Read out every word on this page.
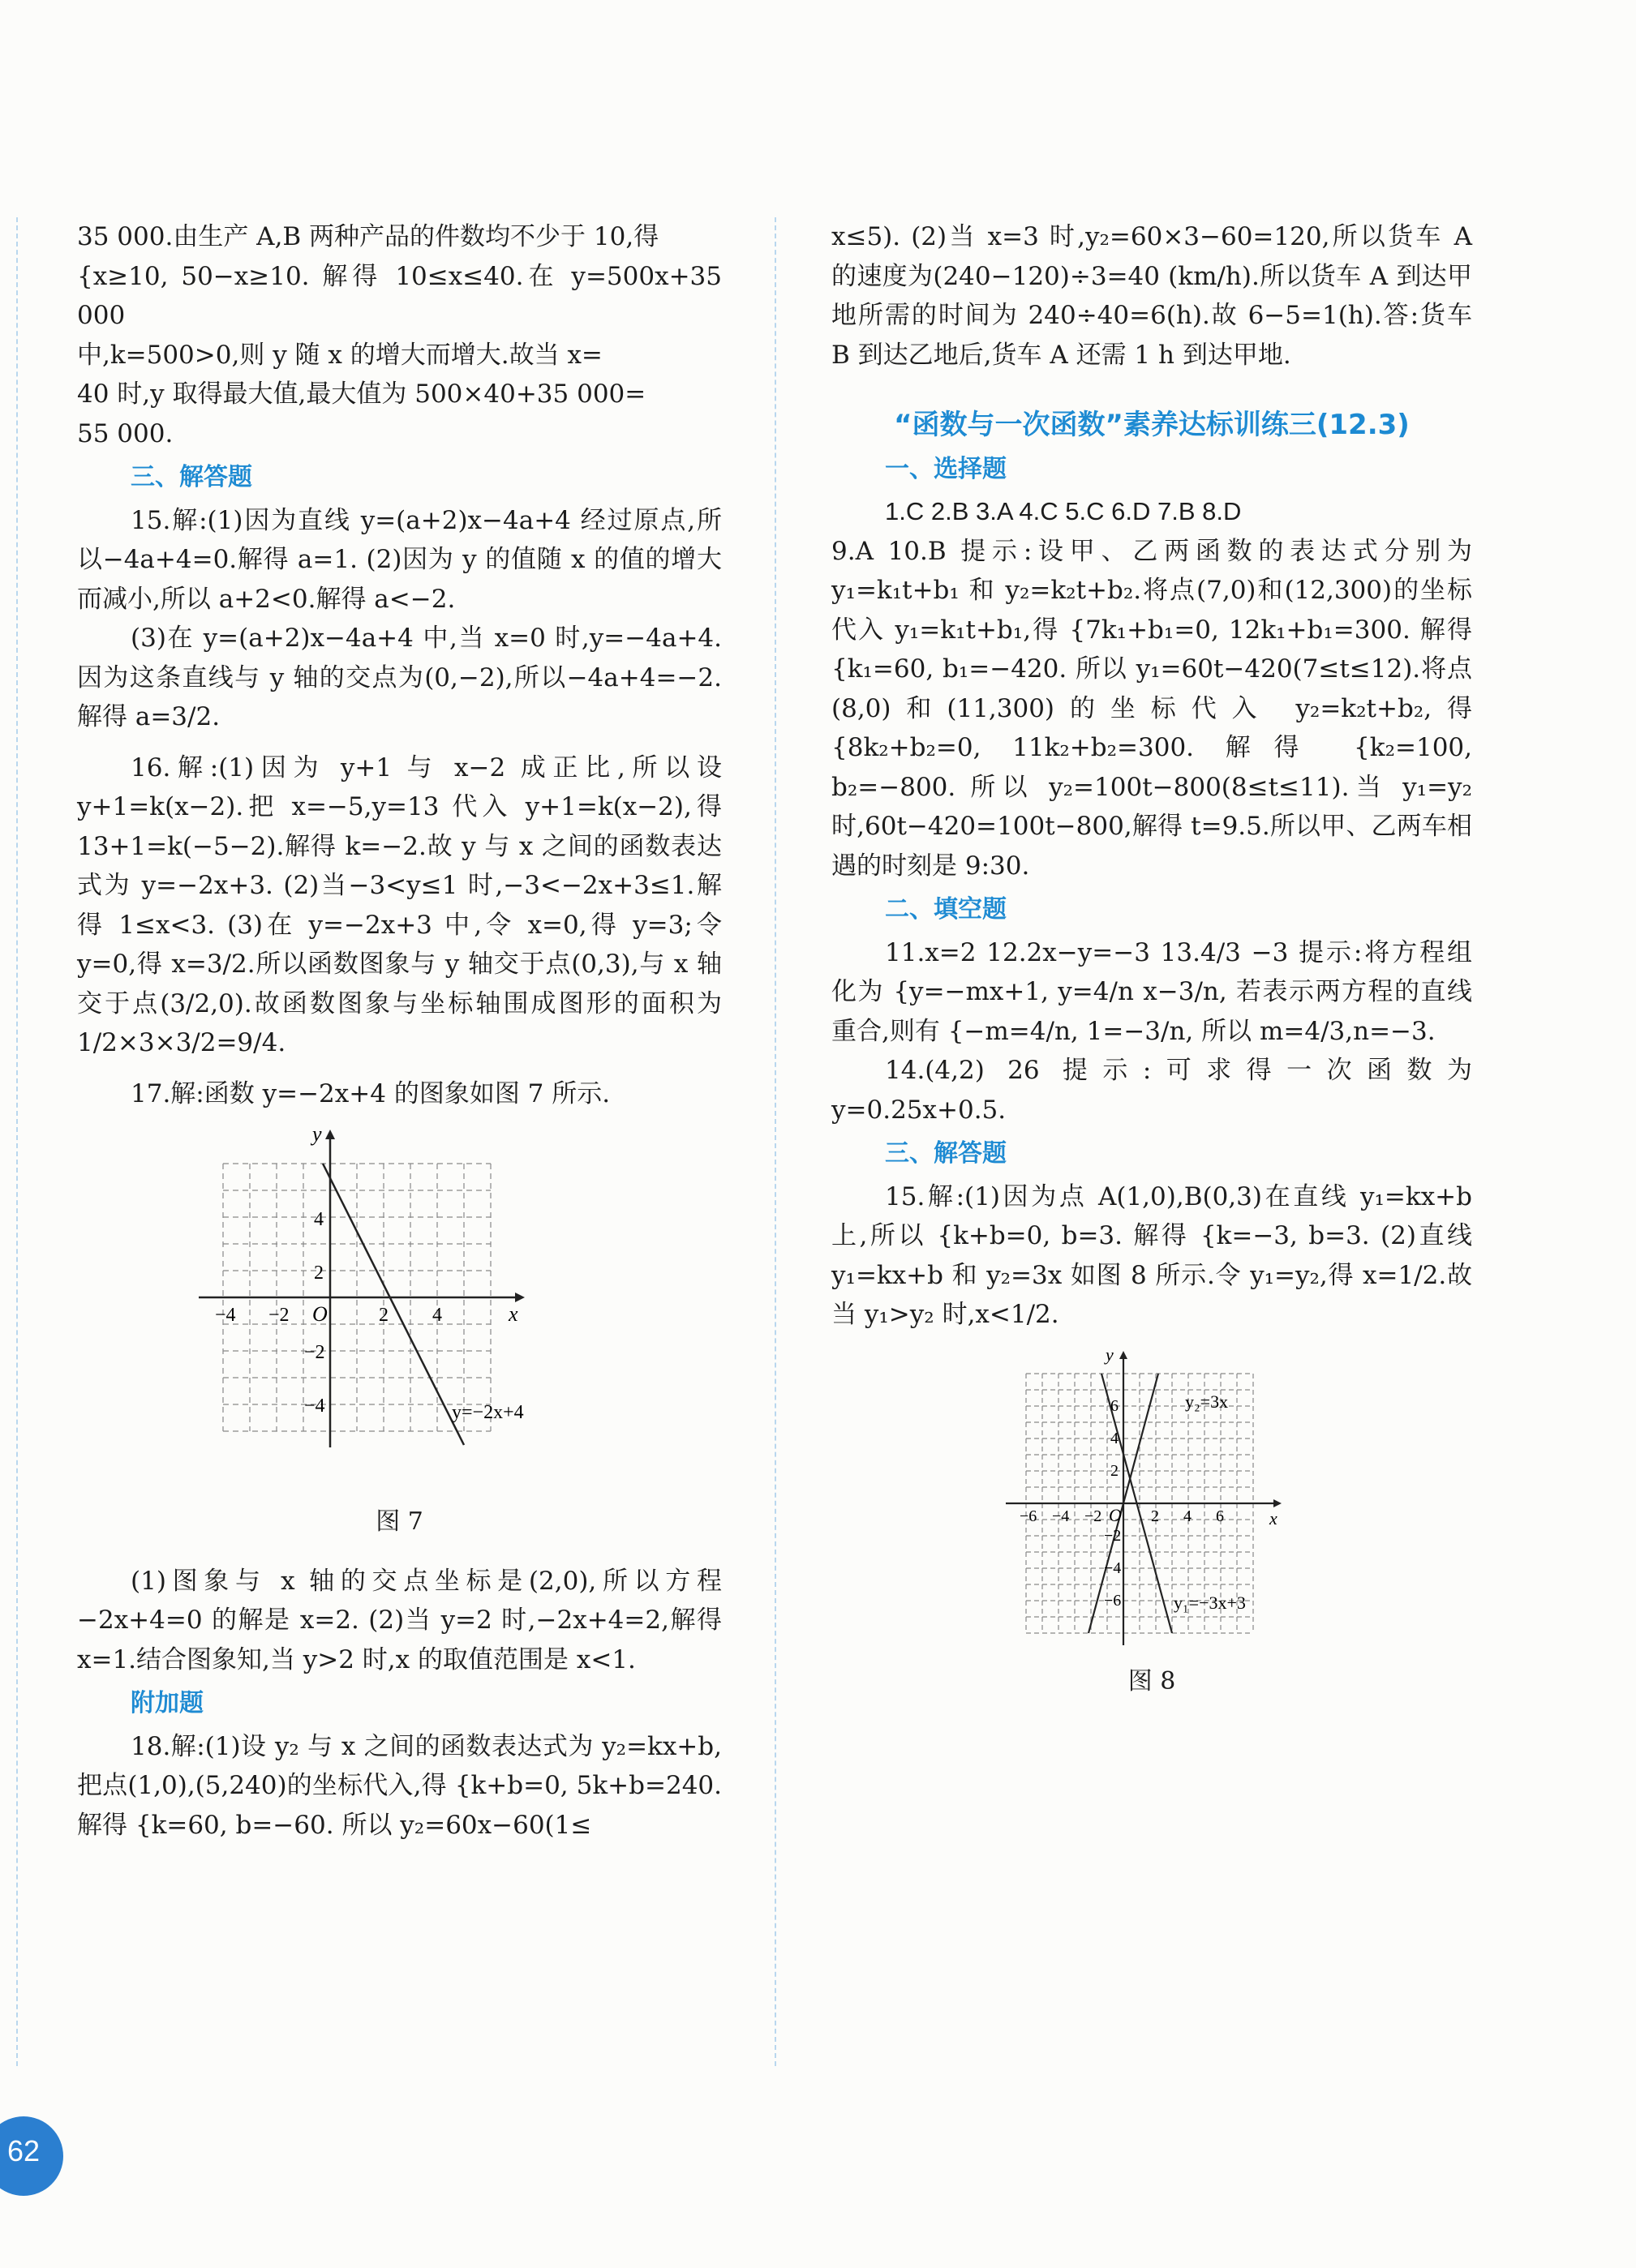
35 000.由生产 A,B 两种产品的件数均不少于 10,得

{x≥10, 50−x≥10. 解得 10≤x≤40.在 y=500x+35 000

中,k=500>0,则 y 随 x 的增大而增大.故当 x=

40 时,y 取得最大值,最大值为 500×40+35 000=

55 000.

三、解答题

15.解:(1)因为直线 y=(a+2)x−4a+4 经过原点,所以−4a+4=0.解得 a=1. (2)因为 y 的值随 x 的值的增大而减小,所以 a+2<0.解得 a<−2.

(3)在 y=(a+2)x−4a+4 中,当 x=0 时,y=−4a+4.因为这条直线与 y 轴的交点为(0,−2),所以−4a+4=−2.解得 a=3/2.

16.解:(1)因为 y+1 与 x−2 成正比,所以设 y+1=k(x−2).把 x=−5,y=13 代入 y+1=k(x−2),得 13+1=k(−5−2).解得 k=−2.故 y 与 x 之间的函数表达式为 y=−2x+3. (2)当−3<y≤1 时,−3<−2x+3≤1.解得 1≤x<3. (3)在 y=−2x+3 中,令 x=0,得 y=3;令 y=0,得 x=3/2.所以函数图象与 y 轴交于点(0,3),与 x 轴交于点(3/2,0).故函数图象与坐标轴围成图形的面积为 1/2×3×3/2=9/4.

17.解:函数 y=−2x+4 的图象如图 7 所示.

x
y
O
−4 −2	2 4
4
2
−2
−4	y=−2x+4
图 7

(1)图象与 x 轴的交点坐标是(2,0),所以方程−2x+4=0 的解是 x=2. (2)当 y=2 时,−2x+4=2,解得 x=1.结合图象知,当 y>2 时,x 的取值范围是 x<1.

附加题

18.解:(1)设 y₂ 与 x 之间的函数表达式为 y₂=kx+b,把点(1,0),(5,240)的坐标代入,得 {k+b=0, 5k+b=240. 解得 {k=60, b=−60. 所以 y₂=60x−60(1≤

x≤5). (2)当 x=3 时,y₂=60×3−60=120,所以货车 A 的速度为(240−120)÷3=40 (km/h).所以货车 A 到达甲地所需的时间为 240÷40=6(h).故 6−5=1(h).答:货车 B 到达乙地后,货车 A 还需 1 h 到达甲地.

“函数与一次函数”素养达标训练三(12.3)
一、选择题

1.C 2.B 3.A 4.C 5.C 6.D 7.B 8.D

9.A 10.B 提示:设甲、乙两函数的表达式分别为 y₁=k₁t+b₁ 和 y₂=k₂t+b₂.将点(7,0)和(12,300)的坐标代入 y₁=k₁t+b₁,得 {7k₁+b₁=0, 12k₁+b₁=300. 解得 {k₁=60, b₁=−420. 所以 y₁=60t−420(7≤t≤12).将点(8,0)和(11,300)的坐标代入 y₂=k₂t+b₂,得 {8k₂+b₂=0, 11k₂+b₂=300. 解得 {k₂=100, b₂=−800. 所以 y₂=100t−800(8≤t≤11).当 y₁=y₂ 时,60t−420=100t−800,解得 t=9.5.所以甲、乙两车相遇的时刻是 9:30.

二、填空题

11.x=2 12.2x−y=−3 13.4/3 −3 提示:将方程组化为 {y=−mx+1, y=4/n x−3/n, 若表示两方程的直线重合,则有 {−m=4/n, 1=−3/n, 所以 m=4/3,n=−3.

14.(4,2) 26 提示:可求得一次函数为 y=0.25x+0.5.

三、解答题

15.解:(1)因为点 A(1,0),B(0,3)在直线 y₁=kx+b 上,所以 {k+b=0, b=3. 解得 {k=−3, b=3. (2)直线 y₁=kx+b 和 y₂=3x 如图 8 所示.令 y₁=y₂,得 x=1/2.故当 y₁>y₂ 时,x<1/2.

x
y
O
−6 −4 −2	2 4 6
6
4
2
−2
−4
−6
y₂=3x
y₁=−3x+3
图 8
62
